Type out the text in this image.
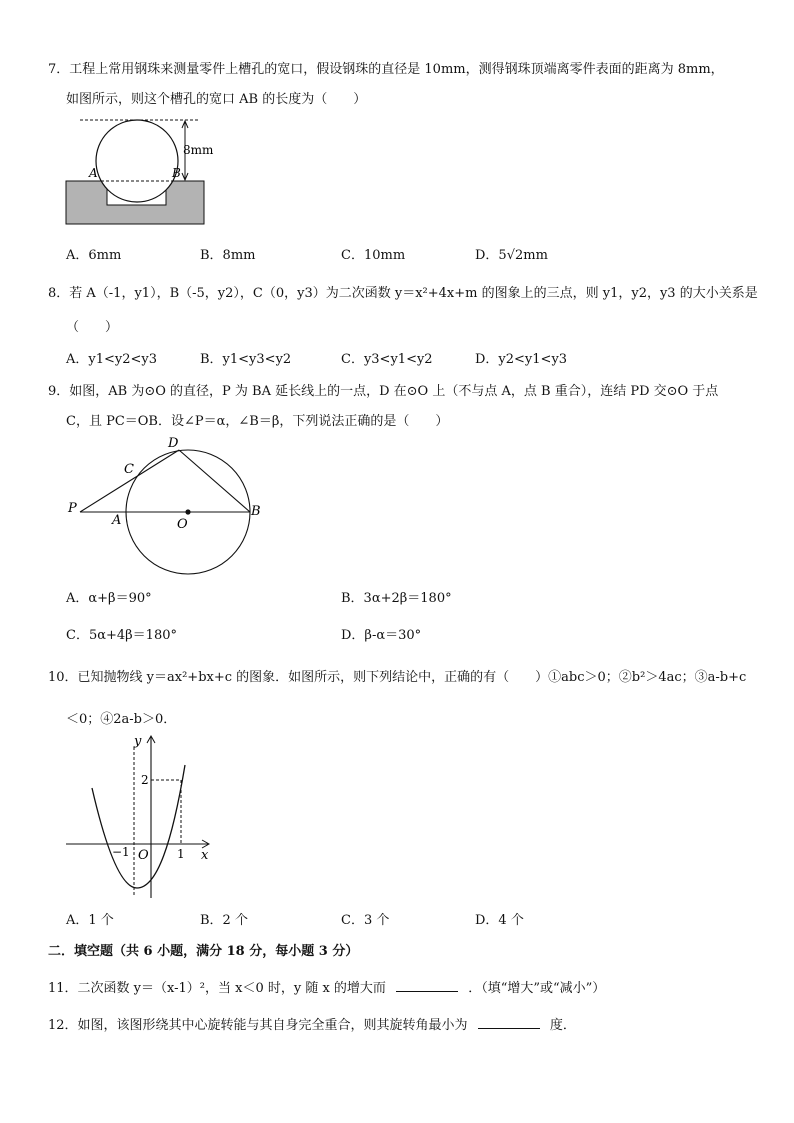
7．工程上常用钢珠来测量零件上槽孔的宽口，假设钢珠的直径是 10mm，测得钢珠顶端离零件表面的距离为 8mm，
如图所示，则这个槽孔的宽口 AB 的长度为（　　）
A	B
8mm
A．6mm	B．8mm	C．10mm	D．5√2mm
8．若 A（-1，y1），B（-5，y2），C（0，y3）为二次函数 y＝x²+4x+m 的图象上的三点，则 y1，y2，y3 的大小关系是
（　　）
A．y1<y2<y3	B．y1<y3<y2	C．y3<y1<y2	D．y2<y1<y3
9．如图，AB 为⊙O 的直径，P 为 BA 延长线上的一点，D 在⊙O 上（不与点 A，点 B 重合），连结 PD 交⊙O 于点
C，且 PC＝OB．设∠P＝α，∠B＝β，下列说法正确的是（　　）
P
A	O
B
C
D
A．α+β＝90°	B．3α+2β＝180°
C．5α+4β＝180°	D．β-α＝30°
10．已知抛物线 y＝ax²+bx+c 的图象．如图所示，则下列结论中，正确的有（　　）①abc＞0；②b²＞4ac；③a-b+c
＜0；④2a-b＞0．
y
x
O
−1	1
2
A．1 个	B．2 个	C．3 个	D．4 个
二．填空题（共 6 小题，满分 18 分，每小题 3 分）
11．二次函数 y＝（x-1）²，当 x＜0 时，y 随 x 的增大而	．（填“增大”或“减小”）
12．如图，该图形绕其中心旋转能与其自身完全重合，则其旋转角最小为	度．
